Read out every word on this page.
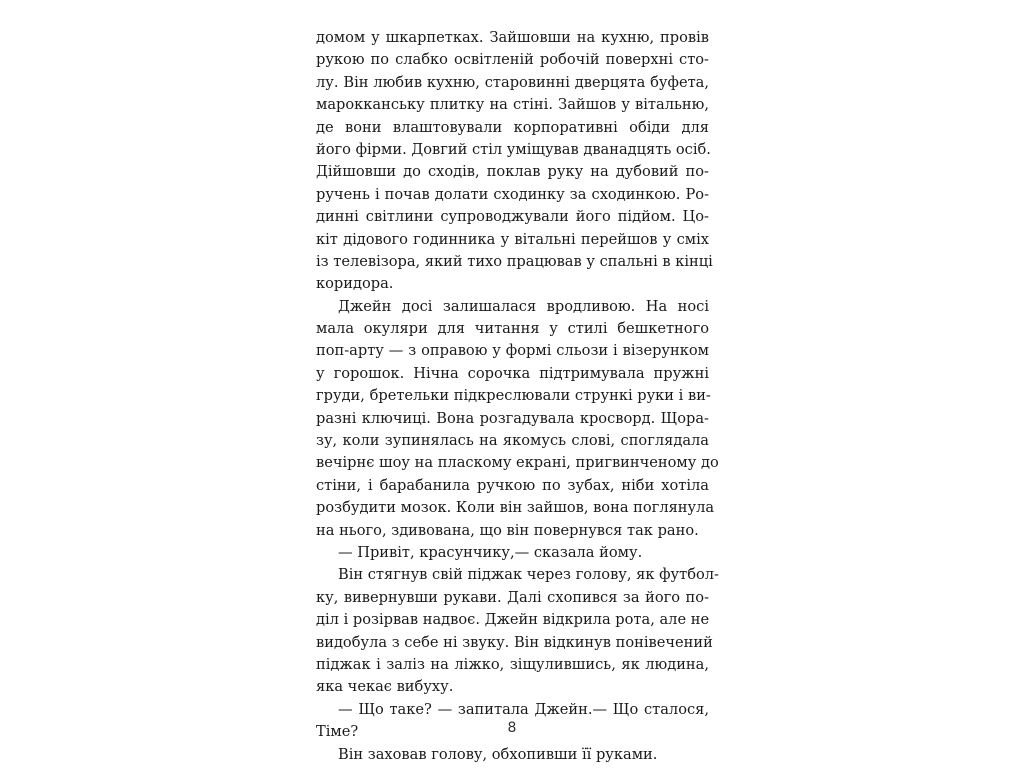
домом у шкарпетках. Зайшовши на кухню, провів
рукою по слабко освітленій робочій поверхні сто-
лу. Він любив кухню, старовинні дверцята буфета,
марокканську плитку на стіні. Зайшов у вітальню,
де вони влаштовували корпоративні обіди для
його фірми. Довгий стіл уміщував дванадцять осіб.
Дійшовши до сходів, поклав руку на дубовий по-
ручень і почав долати сходинку за сходинкою. Ро-
динні світлини супроводжували його підйом. Цо-
кіт дідового годинника у вітальні перейшов у сміх
із телевізора, який тихо працював у спальні в кінці
коридора.
Джейн досі залишалася вродливою. На носі
мала окуляри для читання у стилі бешкетного
поп-арту — з оправою у формі сльози і візерунком
у горошок. Нічна сорочка підтримувала пружні
груди, бретельки підкреслювали стрункі руки і ви-
разні ключиці. Вона розгадувала кросворд. Щора-
зу, коли зупинялась на якомусь слові, споглядала
вечірнє шоу на пласкому екрані, пригвинченому до
стіни, і барабанила ручкою по зубах, ніби хотіла
розбудити мозок. Коли він зайшов, вона поглянула
на нього, здивована, що він повернувся так рано.
— Привіт, красунчику,— сказала йому.
Він стягнув свій піджак через голову, як футбол-
ку, вивернувши рукави. Далі схопився за його по-
діл і розірвав надвоє. Джейн відкрила рота, але не
видобула з себе ні звуку. Він відкинув понівечений
піджак і заліз на ліжко, зіщулившись, як людина,
яка чекає вибуху.
— Що таке? — запитала Джейн.— Що сталося,
Тіме?
Він заховав голову, обхопивши її руками.
8
